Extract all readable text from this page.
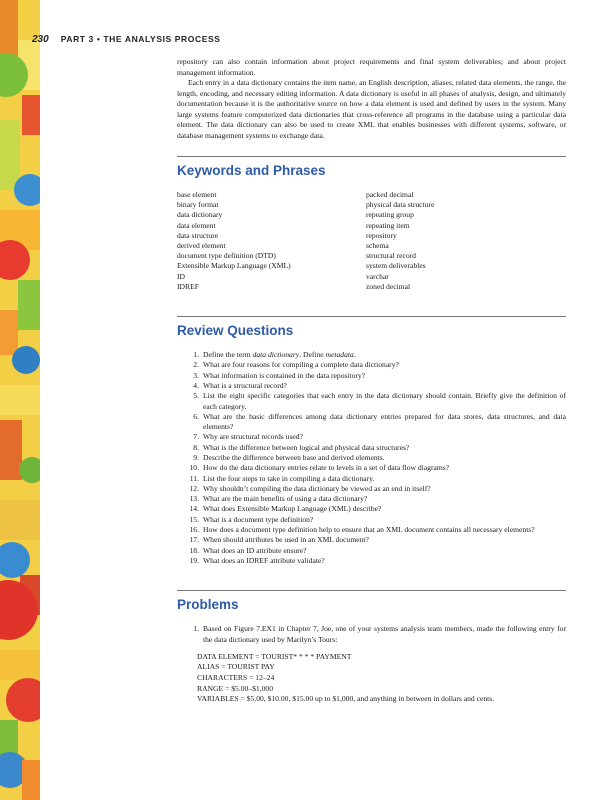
230 PART 3 • THE ANALYSIS PROCESS

repository can also contain information about project requirements and final system deliverables; and about project management information.

Each entry in a data dictionary contains the item name, an English description, aliases, related data elements, the range, the length, encoding, and necessary editing information. A data dictionary is useful in all phases of analysis, design, and ultimately documentation because it is the authoritative source on how a data element is used and defined by users in the system. Many large systems feature computerized data dictionaries that cross-reference all programs in the database using a particular data element. The data dictionary can also be used to create XML that enables businesses with different systems, software, or database management systems to exchange data.

Keywords and Phrases
base element
binary format
data dictionary
data element
data structure
derived element
document type definition (DTD)
Extensible Markup Language (XML)
ID
IDREF
packed decimal
physical data structure
repeating group
repeating item
repository
schema
structural record
system deliverables
varchar
zoned decimal
Review Questions
1. Define the term data dictionary. Define metadata.
2. What are four reasons for compiling a complete data dictionary?
3. What information is contained in the data repository?
4. What is a structural record?
5. List the eight specific categories that each entry in the data dictionary should contain. Briefly give the definition of each category.
6. What are the basic differences among data dictionary entries prepared for data stores, data structures, and data elements?
7. Why are structural records used?
8. What is the difference between logical and physical data structures?
9. Describe the difference between base and derived elements.
10. How do the data dictionary entries relate to levels in a set of data flow diagrams?
11. List the four steps to take in compiling a data dictionary.
12. Why shouldn’t compiling the data dictionary be viewed as an end in itself?
13. What are the main benefits of using a data dictionary?
14. What does Extensible Markup Language (XML) describe?
15. What is a document type definition?
16. How does a document type definition help to ensure that an XML document contains all necessary elements?
17. When should attributes be used in an XML document?
18. What does an ID attribute ensure?
19. What does an IDREF attribute validate?
Problems
1. Based on Figure 7.EX1 in Chapter 7, Joe, one of your systems analysis team members, made the following entry for the data dictionary used by Marilyn’s Tours:
DATA ELEMENT = TOURIST* * * * PAYMENT
ALIAS = TOURIST PAY
CHARACTERS = 12–24
RANGE = $5.00–$1,000
VARIABLES = $5.00, $10.00, $15.00 up to $1,000, and anything in between in dollars and cents.
